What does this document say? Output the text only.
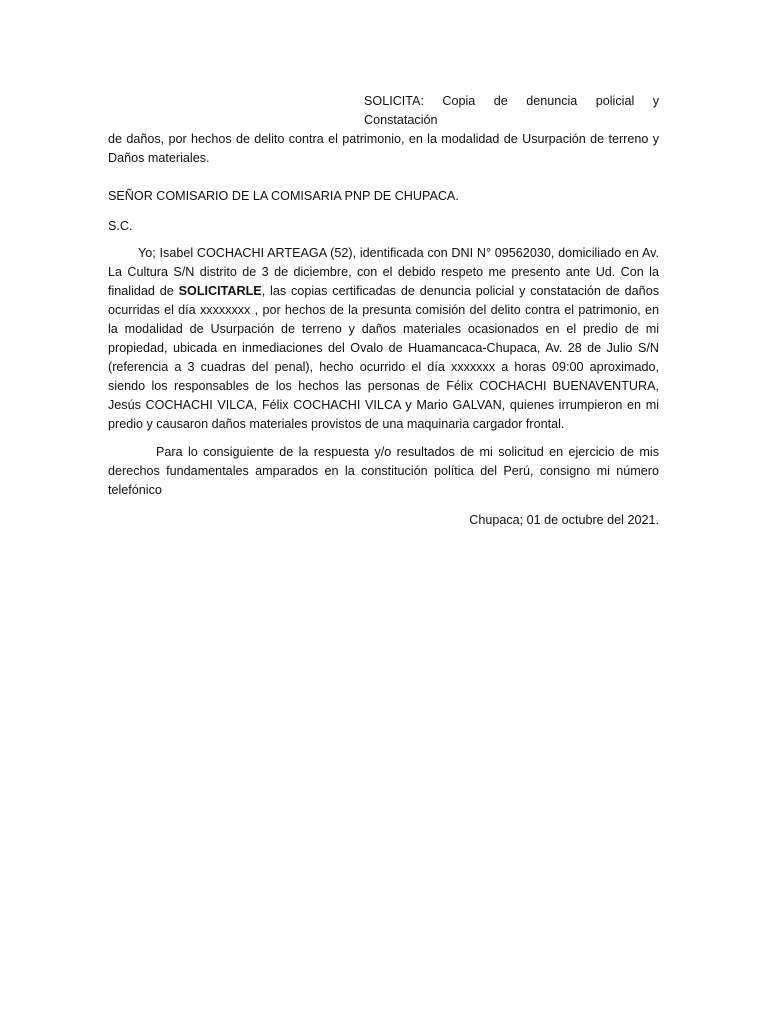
SOLICITA: Copia de denuncia policial y Constatación
de daños, por hechos de delito contra el patrimonio, en la modalidad de Usurpación de terreno y Daños materiales.
SEÑOR COMISARIO DE LA COMISARIA PNP DE CHUPACA.
S.C.
Yo; Isabel COCHACHI ARTEAGA (52), identificada con DNI N° 09562030, domiciliado en Av. La Cultura S/N distrito de 3 de diciembre, con el debido respeto me presento ante Ud. Con la finalidad de SOLICITARLE, las copias certificadas de denuncia policial y constatación de daños ocurridas el día xxxxxxxx , por hechos de la presunta comisión del delito contra el patrimonio, en la modalidad de Usurpación de terreno y daños materiales ocasionados en el predio de mi propiedad, ubicada en inmediaciones del Ovalo de Huamancaca-Chupaca, Av. 28 de Julio S/N (referencia a 3 cuadras del penal), hecho ocurrido el día xxxxxxx a horas 09:00 aproximado, siendo los responsables de los hechos las personas de Félix COCHACHI BUENAVENTURA, Jesús COCHACHI VILCA, Félix COCHACHI VILCA y Mario GALVAN, quienes irrumpieron en mi predio y causaron daños materiales provistos de una maquinaria cargador frontal.
Para lo consiguiente de la respuesta y/o resultados de mi solicitud en ejercicio de mis derechos fundamentales amparados en la constitución política del Perú, consigno mi número telefónico
Chupaca; 01 de octubre del 2021.
